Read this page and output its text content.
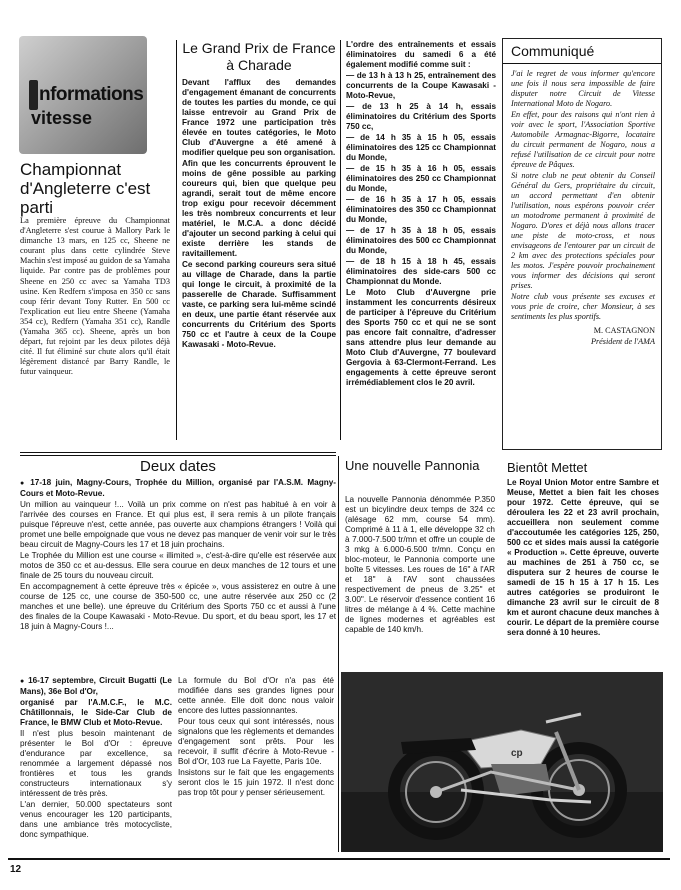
nformations
vitesse
Championnat d'Angleterre c'est parti
La première épreuve du Championnat d'Angleterre s'est courue à Mallory Park le dimanche 13 mars, en 125 cc, Sheene ne courant plus dans cette cylindrée Steve Machin s'est imposé au guidon de sa Yamaha liquide. Par contre pas de problèmes pour Sheene en 250 cc avec sa Yamaha TD3 usine. Ken Redfern s'imposa en 350 cc sans coup férir devant Tony Rutter. En 500 cc l'explication eut lieu entre Sheene (Yamaha 354 cc), Redfern (Yamaha 351 cc), Randle (Yamaha 365 cc). Sheene, après un bon départ, fut rejoint par les deux pilotes déjà cité. Il fut éliminé sur chute alors qu'il était légèrement distancé par Barry Randle, le futur vainqueur.
Le Grand Prix de France à Charade

Devant l'afflux des demandes d'engagement émanant de concurrents de toutes les parties du monde, ce qui laisse entrevoir au Grand Prix de France 1972 une participation très élevée en toutes catégories, le Moto Club d'Auvergne a été amené à modifier quelque peu son organisation.

Afin que les concurrents éprouvent le moins de gêne possible au parking coureurs qui, bien que quelque peu agrandi, serait tout de même encore trop exigu pour recevoir décemment les très nombreux concurrents et leur matériel, le M.C.A. a donc décidé d'ajouter un second parking à celui qui existe derrière les stands de ravitaillement.

Ce second parking coureurs sera situé au village de Charade, dans la partie qui longe le circuit, à proximité de la passerelle de Charade. Suffisamment vaste, ce parking sera lui-même scindé en deux, une partie étant réservée aux concurrents du Critérium des Sports 750 cc et l'autre à ceux de la Coupe Kawasaki - Moto-Revue.

L'ordre des entraînements et essais éliminatoires du samedi 6 a été également modifié comme suit :

— de 13 h à 13 h 25, entraînement des concurrents de la Coupe Kawasaki - Moto-Revue,

— de 13 h 25 à 14 h, essais éliminatoires du Critérium des Sports 750 cc,

— de 14 h 35 à 15 h 05, essais éliminatoires des 125 cc Championnat du Monde,

— de 15 h 35 à 16 h 05, essais éliminatoires des 250 cc Championnat du Monde,

— de 16 h 35 à 17 h 05, essais éliminatoires des 350 cc Championnat du Monde,

— de 17 h 35 à 18 h 05, essais éliminatoires des 500 cc Championnat du Monde,

— de 18 h 15 à 18 h 45, essais éliminatoires des side-cars 500 cc Championnat du Monde.

Le Moto Club d'Auvergne prie instamment les concurrents désireux de participer à l'épreuve du Critérium des Sports 750 cc et qui ne se sont pas encore fait connaître, d'adresser sans attendre plus leur demande au Moto Club d'Auvergne, 77 boulevard Gergovia à 63-Clermont-Ferrand. Les engagements à cette épreuve seront irrémédiablement clos le 20 avril.

Communiqué

J'ai le regret de vous informer qu'encore une fois il nous sera impossible de faire disputer notre Circuit de Vitesse International Moto de Nogaro.

En effet, pour des raisons qui n'ont rien à voir avec le sport, l'Association Sportive Automobile Armagnac-Bigorre, locataire du circuit permanent de Nogaro, nous a refusé l'utilisation de ce circuit pour notre épreuve de Pâques.

Si notre club ne peut obtenir du Conseil Général du Gers, propriétaire du circuit, un accord permettant d'en obtenir l'utilisation, nous espérons pouvoir créer un motodrome permanent à proximité de Nogaro. D'ores et déjà nous allons tracer une piste de moto-cross, et nous envisageons de l'entourer par un circuit de 2 km avec des protections spéciales pour les motos. J'espère pouvoir prochainement vous informer des décisions qui seront prises.

Notre club vous présente ses excuses et vous prie de croire, cher Monsieur, à ses sentiments les plus sportifs.

M. CASTAGNON

Président de l'AMA

Deux dates

● 17-18 juin, Magny-Cours, Trophée du Million, organisé par l'A.S.M. Magny-Cours et Moto-Revue.

Un million au vainqueur !... Voilà un prix comme on n'est pas habitué à en voir à l'arrivée des courses en France. Et qui plus est, il sera remis à un pilote français puisque l'épreuve n'est, cette année, pas ouverte aux champions étrangers ! Voilà qui promet une belle empoignade que vous ne devez pas manquer de venir voir sur le très beau circuit de Magny-Cours les 17 et 18 juin prochains.

Le Trophée du Million est une course « illimited », c'est-à-dire qu'elle est réservée aux motos de 350 cc et au-dessus. Elle sera courue en deux manches de 12 tours et une finale de 25 tours du nouveau circuit.

En accompagnement à cette épreuve très « épicée », vous assisterez en outre à une course de 125 cc, une course de 350-500 cc, une autre réservée aux 250 cc (2 manches et une belle). une épreuve du Critérium des Sports 750 cc et aussi à l'une des finales de la Coupe Kawasaki - Moto-Revue. Du sport, et du beau sport, les 17 et 18 juin à Magny-Cours !...

● 16-17 septembre, Circuit Bugatti (Le Mans), 36e Bol d'Or,

organisé par l'A.M.C.F., le M.C. Châtillonnais, le Side-Car Club de France, le BMW Club et Moto-Revue.

Il n'est plus besoin maintenant de présenter le Bol d'Or : épreuve d'endurance par excellence, sa renommée a largement dépassé nos frontières et tous les grands constructeurs internationaux s'y intéressent de très près.

L'an dernier, 50.000 spectateurs sont venus encourager les 120 participants, dans une ambiance très motocycliste, donc sympathique.

La formule du Bol d'Or n'a pas été modifiée dans ses grandes lignes pour cette année. Elle doit donc nous valoir encore des luttes passionnantes.

Pour tous ceux qui sont intéressés, nous signalons que les règlements et demandes d'engagement sont prêts. Pour les recevoir, il suffit d'écrire à Moto-Revue - Bol d'Or, 103 rue La Fayette, Paris 10e.

Insistons sur le fait que les engagements seront clos le 15 juin 1972. Il n'est donc pas trop tôt pour y penser sérieusement.

Une nouvelle Pannonia
La nouvelle Pannonia dénommée P.350 est un bicylindre deux temps de 324 cc (alésage 62 mm, course 54 mm). Comprimé à 11 à 1, elle développe 32 ch à 7.000-7.500 tr/mn et offre un couple de 3 mkg à 6.000-6.500 tr/mn. Conçu en bloc-moteur, le Pannonia comporte une boîte 5 vitesses. Les roues de 16" à l'AR et 18" à l'AV sont chaussées respectivement de pneus de 3.25" et 3.00". Le réservoir d'essence contient 16 litres de mélange à 4 %. Cette machine de lignes modernes et agréables est capable de 140 km/h.
Bientôt Mettet
Le Royal Union Motor entre Sambre et Meuse, Mettet a bien fait les choses pour 1972. Cette épreuve, qui se déroulera les 22 et 23 avril prochain, accueillera non seulement comme d'accoutumée les catégories 125, 250, 500 cc et sides mais aussi la catégorie « Production ». Cette épreuve, ouverte au machines de 251 à 750 cc, se disputera sur 2 heures de course le samedi de 15 h 15 à 17 h 15. Les autres catégories se produiront le dimanche 23 avril sur le circuit de 8 km et auront chacune deux manches à courir. Le départ de la première course sera donné à 10 heures.
cp
12
